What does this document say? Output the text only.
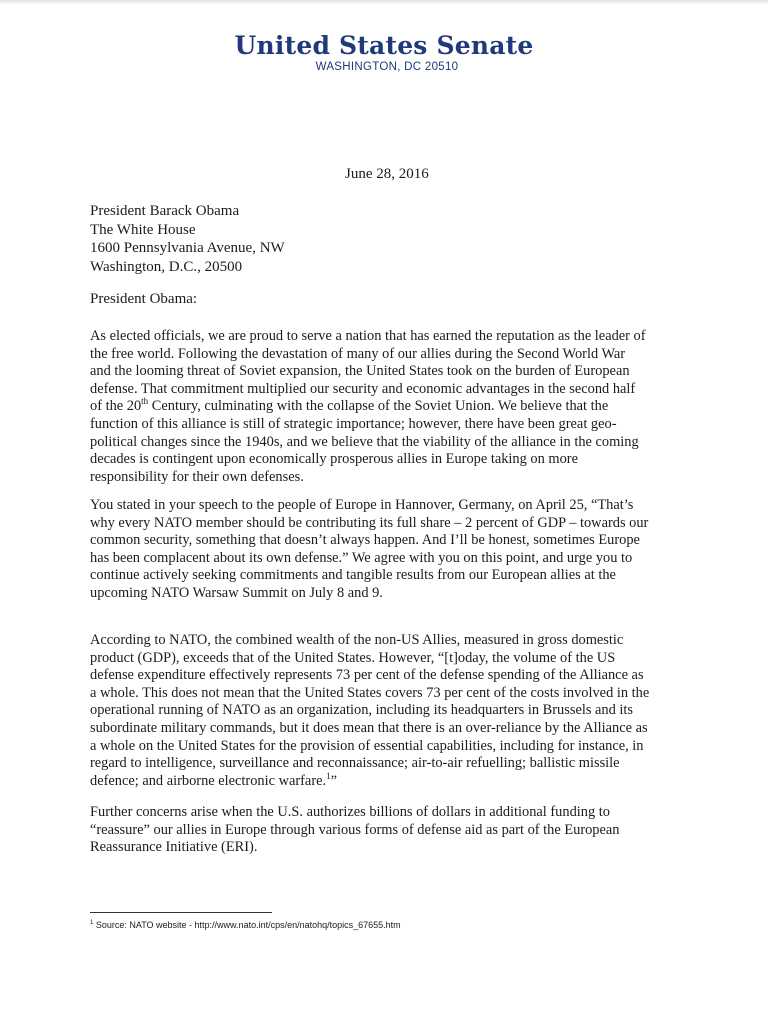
United States Senate
WASHINGTON, DC 20510
June 28, 2016
President Barack Obama
The White House
1600 Pennsylvania Avenue, NW
Washington, D.C., 20500
President Obama:
As elected officials, we are proud to serve a nation that has earned the reputation as the leader of
the free world. Following the devastation of many of our allies during the Second World War
and the looming threat of Soviet expansion, the United States took on the burden of European
defense. That commitment multiplied our security and economic advantages in the second half
of the 20th Century, culminating with the collapse of the Soviet Union. We believe that the
function of this alliance is still of strategic importance; however, there have been great geo-
political changes since the 1940s, and we believe that the viability of the alliance in the coming
decades is contingent upon economically prosperous allies in Europe taking on more
responsibility for their own defenses.
You stated in your speech to the people of Europe in Hannover, Germany, on April 25, “That’s
why every NATO member should be contributing its full share – 2 percent of GDP – towards our
common security, something that doesn’t always happen. And I’ll be honest, sometimes Europe
has been complacent about its own defense.” We agree with you on this point, and urge you to
continue actively seeking commitments and tangible results from our European allies at the
upcoming NATO Warsaw Summit on July 8 and 9.
According to NATO, the combined wealth of the non-US Allies, measured in gross domestic
product (GDP), exceeds that of the United States. However, “[t]oday, the volume of the US
defense expenditure effectively represents 73 per cent of the defense spending of the Alliance as
a whole. This does not mean that the United States covers 73 per cent of the costs involved in the
operational running of NATO as an organization, including its headquarters in Brussels and its
subordinate military commands, but it does mean that there is an over-reliance by the Alliance as
a whole on the United States for the provision of essential capabilities, including for instance, in
regard to intelligence, surveillance and reconnaissance; air-to-air refuelling; ballistic missile
defence; and airborne electronic warfare.$^1$”
Further concerns arise when the U.S. authorizes billions of dollars in additional funding to
“reassure” our allies in Europe through various forms of defense aid as part of the European
Reassurance Initiative (ERI).
$^1$ Source: NATO website - http://www.nato.int/cps/en/natohq/topics_67655.htm
